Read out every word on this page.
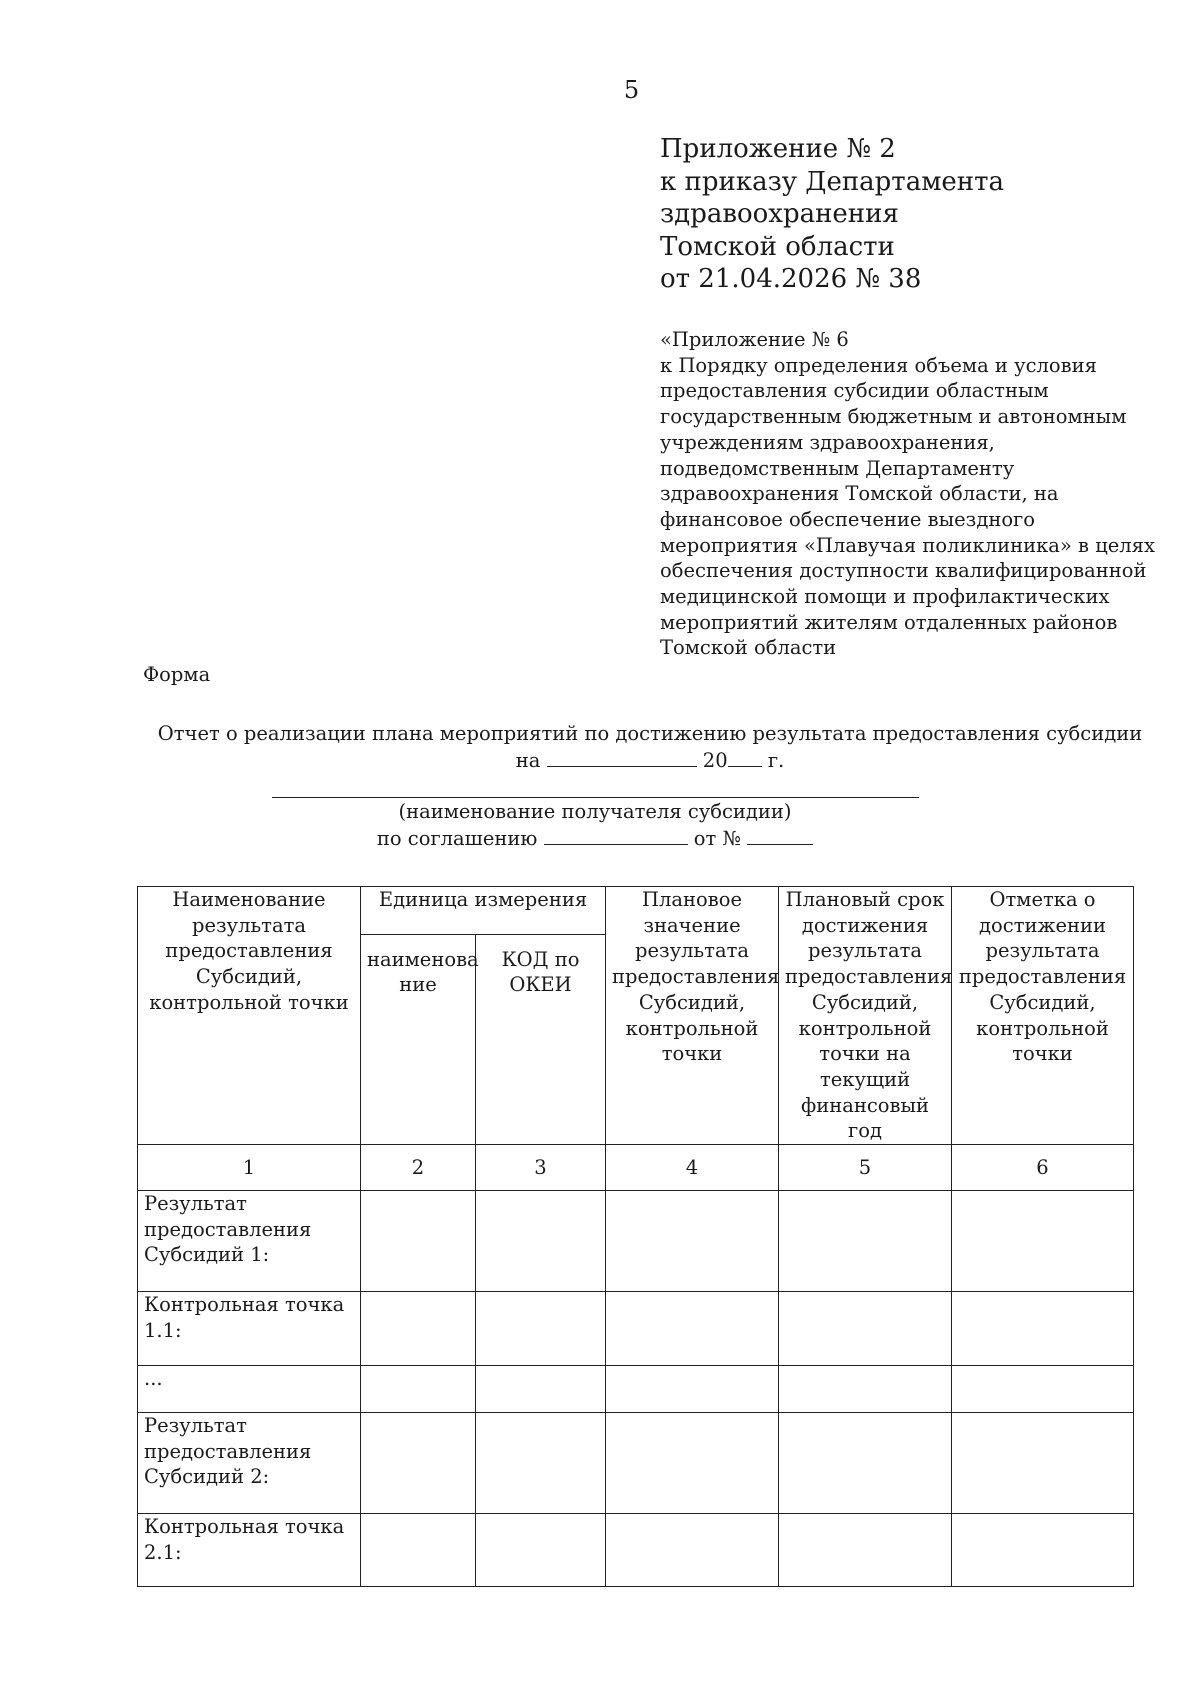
5
Приложение № 2
к приказу Департамента
здравоохранения
Томской области
от 21.04.2026 № 38
«Приложение № 6
к Порядку определения объема и условия
предоставления субсидии областным
государственным бюджетным и автономным
учреждениям здравоохранения,
подведомственным Департаменту
здравоохранения Томской области, на
финансовое обеспечение выездного
мероприятия «Плавучая поликлиника» в целях
обеспечения доступности квалифицированной
медицинской помощи и профилактических
мероприятий жителям отдаленных районов
Томской области
Форма
Отчет о реализации плана мероприятий по достижению результата предоставления субсидии
на	20 г.
(наименование получателя субсидии)
по соглашению	от №
Наименование результата предоставления Субсидий, контрольной точки	Единица измерения		Плановое значение результата предоставления Субсидий, контрольной точки	Плановый срок достижения результата предоставления Субсидий, контрольной точки на текущий финансовый год	Отметка о достижении результата предоставления Субсидий, контрольной точки
	наименова ние	КОД по ОКЕИ			
1	2	3	4	5	6
Результат предоставления Субсидий 1:					
Контрольная точка 1.1:					
...					
Результат предоставления Субсидий 2:					
Контрольная точка 2.1:					
